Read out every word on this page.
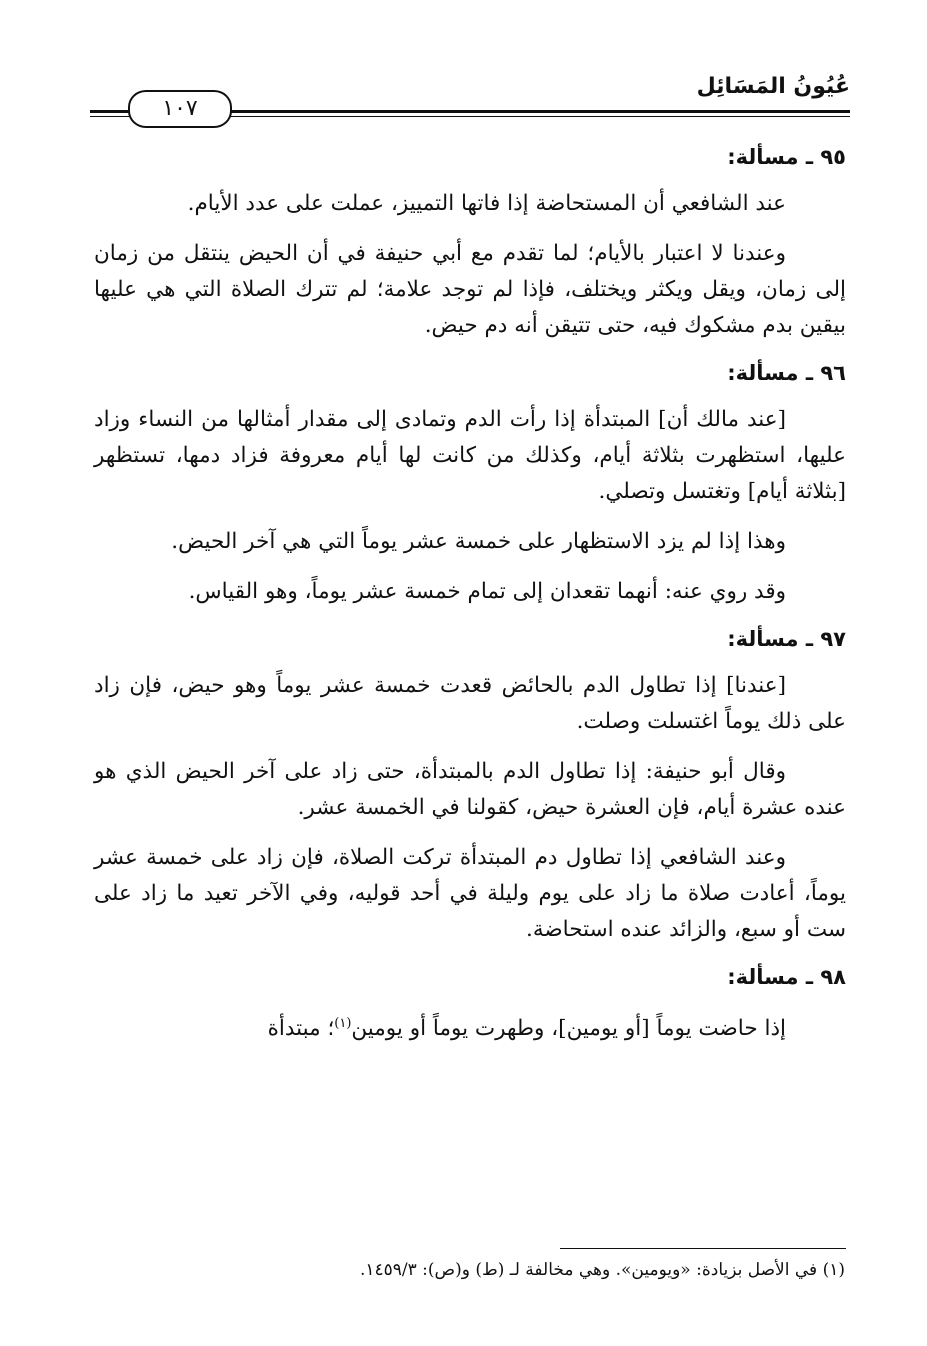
عُيُونُ المَسَائِل
١٠٧

٩٥ ـ مسألة:

عند الشافعي أن المستحاضة إذا فاتها التمييز، عملت على عدد الأيام.

وعندنا لا اعتبار بالأيام؛ لما تقدم مع أبي حنيفة في أن الحيض ينتقل من زمان إلى زمان، ويقل ويكثر ويختلف، فإذا لم توجد علامة؛ لم تترك الصلاة التي هي عليها بيقين بدم مشكوك فيه، حتى تتيقن أنه دم حيض.

٩٦ ـ مسألة:

[عند مالك أن] المبتدأة إذا رأت الدم وتمادى إلى مقدار أمثالها من النساء وزاد عليها، استظهرت بثلاثة أيام، وكذلك من كانت لها أيام معروفة فزاد دمها، تستظهر [بثلاثة أيام] وتغتسل وتصلي.

وهذا إذا لم يزد الاستظهار على خمسة عشر يوماً التي هي آخر الحيض.

وقد روي عنه: أنهما تقعدان إلى تمام خمسة عشر يوماً، وهو القياس.

٩٧ ـ مسألة:

[عندنا] إذا تطاول الدم بالحائض قعدت خمسة عشر يوماً وهو حيض، فإن زاد على ذلك يوماً اغتسلت وصلت.

وقال أبو حنيفة: إذا تطاول الدم بالمبتدأة، حتى زاد على آخر الحيض الذي هو عنده عشرة أيام، فإن العشرة حيض، كقولنا في الخمسة عشر.

وعند الشافعي إذا تطاول دم المبتدأة تركت الصلاة، فإن زاد على خمسة عشر يوماً، أعادت صلاة ما زاد على يوم وليلة في أحد قوليه، وفي الآخر تعيد ما زاد على ست أو سبع، والزائد عنده استحاضة.

٩٨ ـ مسألة:

إذا حاضت يوماً [أو يومين]، وطهرت يوماً أو يومين$^{(١)}$؛ مبتدأة

(١) في الأصل بزيادة: «ويومين». وهي مخالفة لـ (ط) و(ص): ١٤٥٩/٣.
